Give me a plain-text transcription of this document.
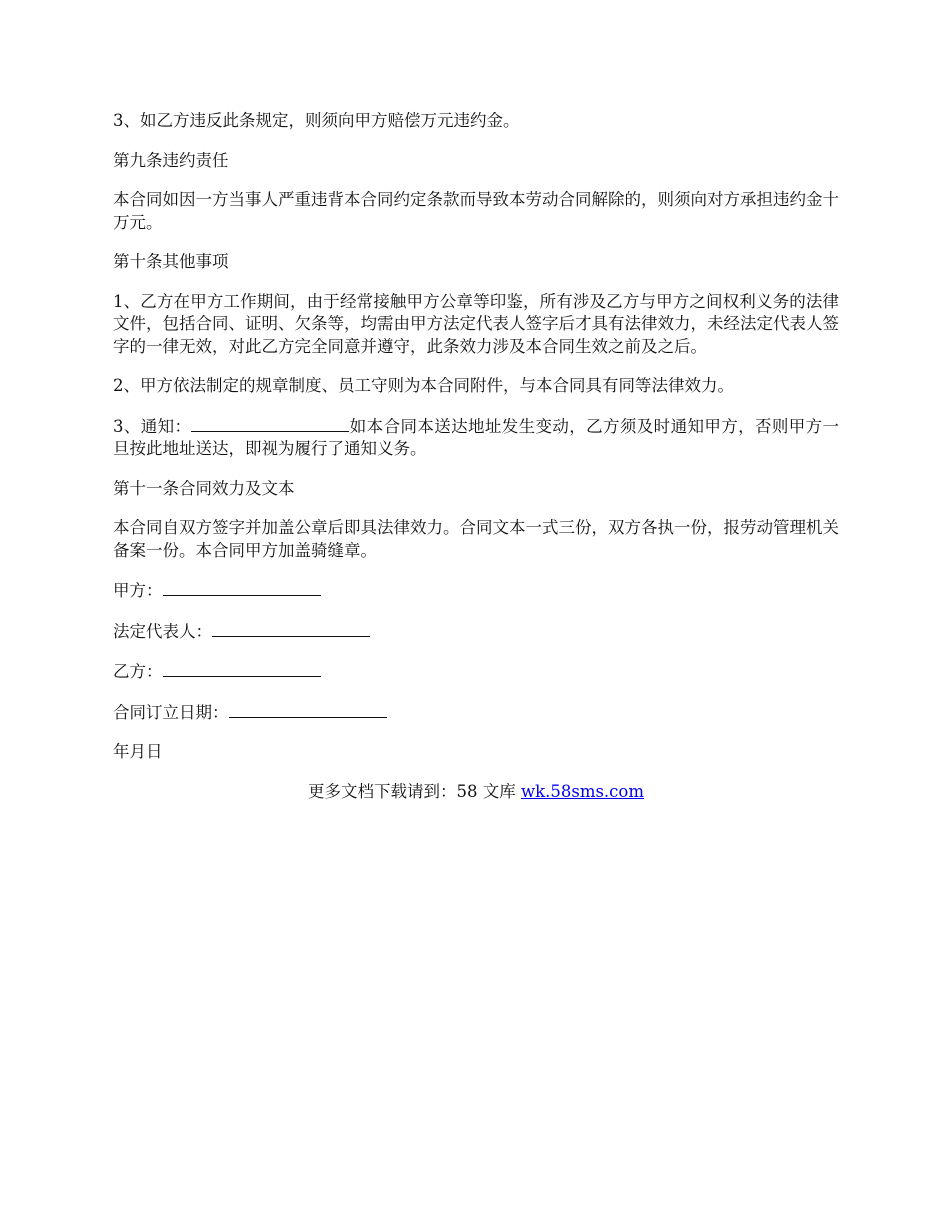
3、如乙方违反此条规定，则须向甲方赔偿万元违约金。

第九条违约责任

本合同如因一方当事人严重违背本合同约定条款而导致本劳动合同解除的，则须向对方承担违约金十万元。

第十条其他事项

1、乙方在甲方工作期间，由于经常接触甲方公章等印鉴，所有涉及乙方与甲方之间权利义务的法律文件，包括合同、证明、欠条等，均需由甲方法定代表人签字后才具有法律效力，未经法定代表人签字的一律无效，对此乙方完全同意并遵守，此条效力涉及本合同生效之前及之后。

2、甲方依法制定的规章制度、员工守则为本合同附件，与本合同具有同等法律效力。

3、通知：	如本合同本送达地址发生变动，乙方须及时通知甲方，否则甲方一旦按此地址送达，即视为履行了通知义务。

第十一条合同效力及文本

本合同自双方签字并加盖公章后即具法律效力。合同文本一式三份，双方各执一份，报劳动管理机关备案一份。本合同甲方加盖骑缝章。

甲方：

法定代表人：

乙方：

合同订立日期：

年月日

更多文档下载请到：58 文库 wk.58sms.com
